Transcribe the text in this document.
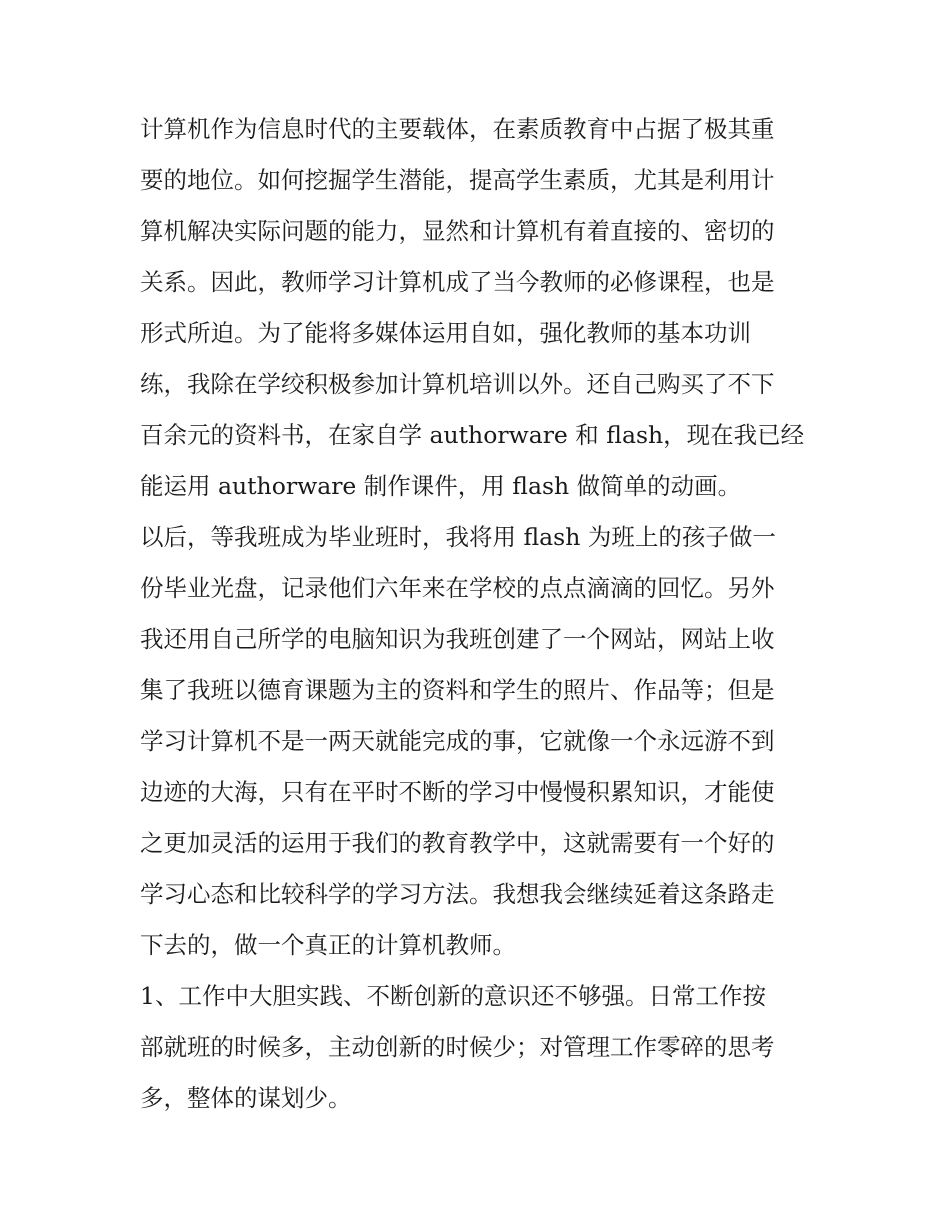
计算机作为信息时代的主要载体，在素质教育中占据了极其重
要的地位。如何挖掘学生潜能，提高学生素质，尤其是利用计
算机解决实际问题的能力，显然和计算机有着直接的、密切的
关系。因此，教师学习计算机成了当今教师的必修课程，也是
形式所迫。为了能将多媒体运用自如，强化教师的基本功训
练，我除在学绞积极参加计算机培训以外。还自己购买了不下
百余元的资料书，在家自学 authorware 和 flash，现在我已经
能运用 authorware 制作课件，用 flash 做简单的动画。
以后，等我班成为毕业班时，我将用 flash 为班上的孩子做一
份毕业光盘，记录他们六年来在学校的点点滴滴的回忆。另外
我还用自己所学的电脑知识为我班创建了一个网站，网站上收
集了我班以德育课题为主的资料和学生的照片、作品等；但是
学习计算机不是一两天就能完成的事，它就像一个永远游不到
边迹的大海，只有在平时不断的学习中慢慢积累知识，才能使
之更加灵活的运用于我们的教育教学中，这就需要有一个好的
学习心态和比较科学的学习方法。我想我会继续延着这条路走
下去的，做一个真正的计算机教师。
1、工作中大胆实践、不断创新的意识还不够强。日常工作按
部就班的时候多，主动创新的时候少；对管理工作零碎的思考
多，整体的谋划少。
